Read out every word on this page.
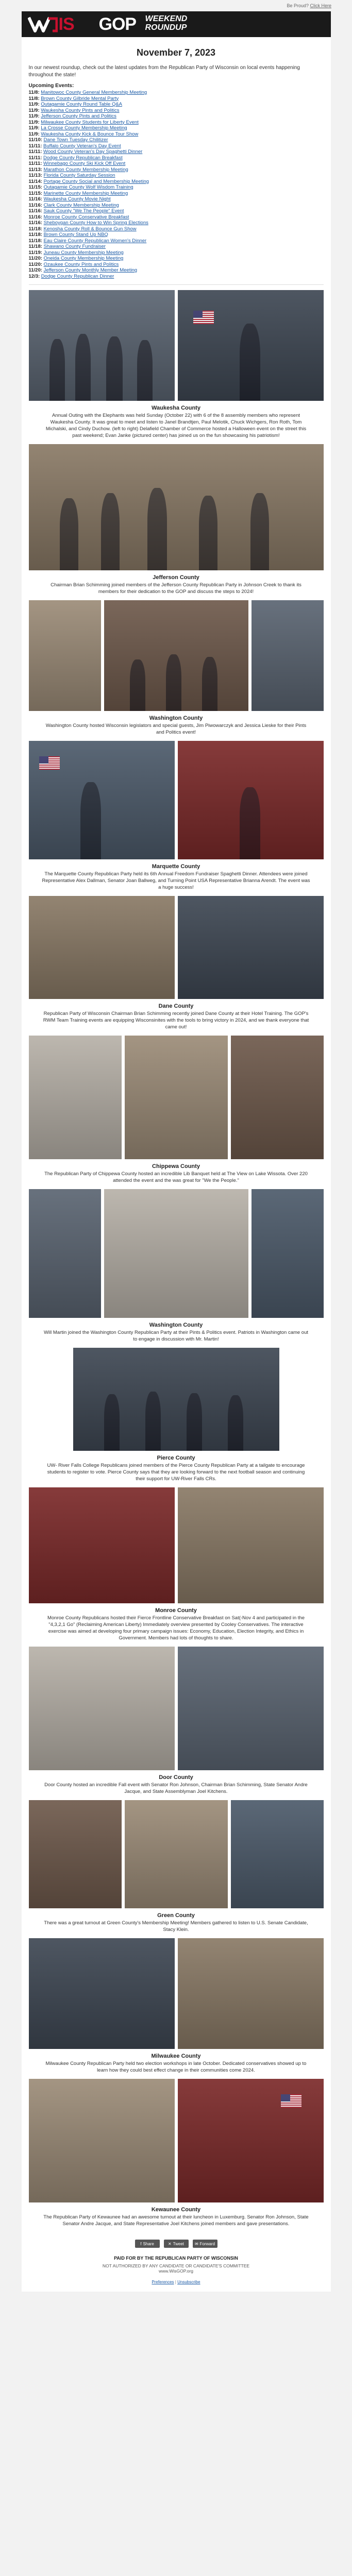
Be Proud? Click Here
IS GOP WEEKEND
ROUNDUP
November 7, 2023
In our newest roundup, check out the latest updates from the Republican Party of Wisconsin on local events happening throughout the state!
Upcoming Events:
11/8: Manitowoc County General Membership Meeting
11/8: Brown County Gilbride Mental Party
11/9: Outagamie County Round Table Q&A
11/9: Waukesha County Pints and Politics
11/9: Jefferson County Pints and Politics
11/9: Milwaukee County Students for Liberty Event
11/9: La Crosse County Membership Meeting
11/9: Waukesha County Kick & Bounce Tour Show
11/10: Dane Town Tuesday Chilitizer
11/11: Buffalo County Veteran's Day Event
11/11: Wood County Veteran's Day Spaghetti Dinner
11/11: Dodge County Republican Breakfast
11/11: Winnebago County Ski Kick Off Event
11/13: Marathon County Membership Meeting
11/13: Florida County Saturday Session
11/14: Portage County Social and Membership Meeting
11/15: Outagamie County Wolf Wisdom Training
11/15: Marinette County Membership Meeting
11/16: Waukesha County Movie Night
11/16: Clark County Membership Meeting
11/16: Sauk County "We The People" Event
11/16: Monroe County Conservative Breakfast
11/16: Sheboygan County How to Win Spring Elections
11/18: Kenosha County Roll & Bounce Gun Show
11/18: Brown County Stand Up NBQ
11/18: Eau Claire County Republican Women's Dinner
11/18: Shawano County Fundraiser
11/19: Juneau County Membership Meeting
11/20: Oneida County Membership Meeting
11/20: Ozaukee County Pints and Politics
11/20: Jefferson County Monthly Member Meeting
12/3: Dodge County Republican Dinner
Waukesha County
Annual Outing with the Elephants was held Sunday (October 22) with 6 of the 8 assembly members who represent Waukesha County. It was great to meet and listen to Janel Brandtjen, Paul Melotik, Chuck Wichgers, Ron Roth, Tom Michalski, and Cindy Duchow. (left to right) Delafield Chamber of Commerce hosted a Halloween event on the street this past weekend; Evan Janke (pictured center) has joined us on the fun showcasing his patriotism!
Jefferson County
Chairman Brian Schimming joined members of the Jefferson County Republican Party in Johnson Creek to thank its members for their dedication to the GOP and discuss the steps to 2024!
Washington County
Washington County hosted Wisconsin legislators and special guests, Jim Piwowarczyk and Jessica Lieske for their Pints and Politics event!
Marquette County
The Marquette County Republican Party held its 6th Annual Freedom Fundraiser Spaghetti Dinner. Attendees were joined Representative Alex Dallman, Senator Joan Ballweg, and Turning Point USA Representative Brianna Arendt. The event was a huge success!
Dane County
Republican Party of Wisconsin Chairman Brian Schimming recently joined Dane County at their Hotel Training. The GOP's RWM Team Training events are equipping Wisconsinites with the tools to bring victory in 2024, and we thank everyone that came out!
Chippewa County
The Republican Party of Chippewa County hosted an incredible Lib Banquet held at The View on Lake Wissota. Over 220 attended the event and the was great for "We the People."
Washington County
Will Martin joined the Washington County Republican Party at their Pints & Politics event. Patriots in Washington came out to engage in discussion with Mr. Martin!
Pierce County
UW- River Falls College Republicans joined members of the Pierce County Republican Party at a tailgate to encourage students to register to vote. Pierce County says that they are looking forward to the next football season and continuing their support for UW-River Falls CRs.
Monroe County
Monroe County Republicans hosted their Fierce Frontline Conservative Breakfast on Sat(-Nov 4 and participated in the "4,3,2,1 Go" (Reclaiming American Liberty) Immediately overview presented by Cooley Conservatives. The interactive exercise was aimed at developing four primary campaign issues: Economy, Education, Election Integrity, and Ethics in Government. Members had lots of thoughts to share.
Door County
Door County hosted an incredible Fall event with Senator Ron Johnson, Chairman Brian Schimming, State Senator Andre Jacque, and State Assemblyman Joel Kitchens.
Green County
There was a great turnout at Green County's Membership Meeting! Members gathered to listen to U.S. Senate Candidate, Stacy Klein.
Milwaukee County
Milwaukee County Republican Party held two election workshops in late October. Dedicated conservatives showed up to learn how they could best effect change in their communities come 2024.
Kewaunee County
The Republican Party of Kewaunee had an awesome turnout at their luncheon in Luxemburg. Senator Ron Johnson, State Senator Andre Jacque, and State Representative Joel Kitchens joined members and gave presentations.
f Share	✕ Tweet	✉ Forward
PAID FOR BY THE REPUBLICAN PARTY OF WISCONSIN
NOT AUTHORIZED BY ANY CANDIDATE OR CANDIDATE'S COMMITTEE
www.WisGOP.org
Preferences | Unsubscribe
